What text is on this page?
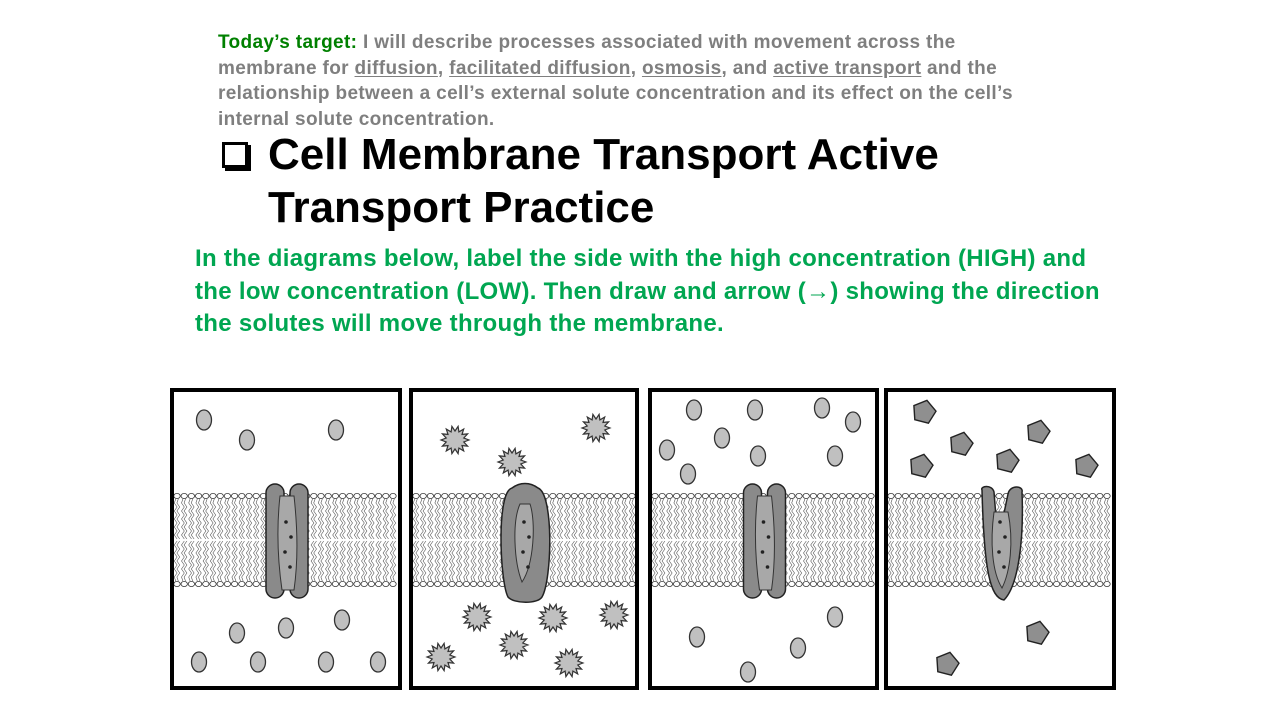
Today’s target: I will describe processes associated with movement across the membrane for diffusion, facilitated diffusion, osmosis, and active transport and the relationship between a cell’s external solute concentration and its effect on the cell’s internal solute concentration.
Cell Membrane Transport Active Transport Practice
In the diagrams below, label the side with the high concentration (HIGH) and the low concentration (LOW). Then draw and arrow (→) showing the direction the solutes will move through the membrane.
